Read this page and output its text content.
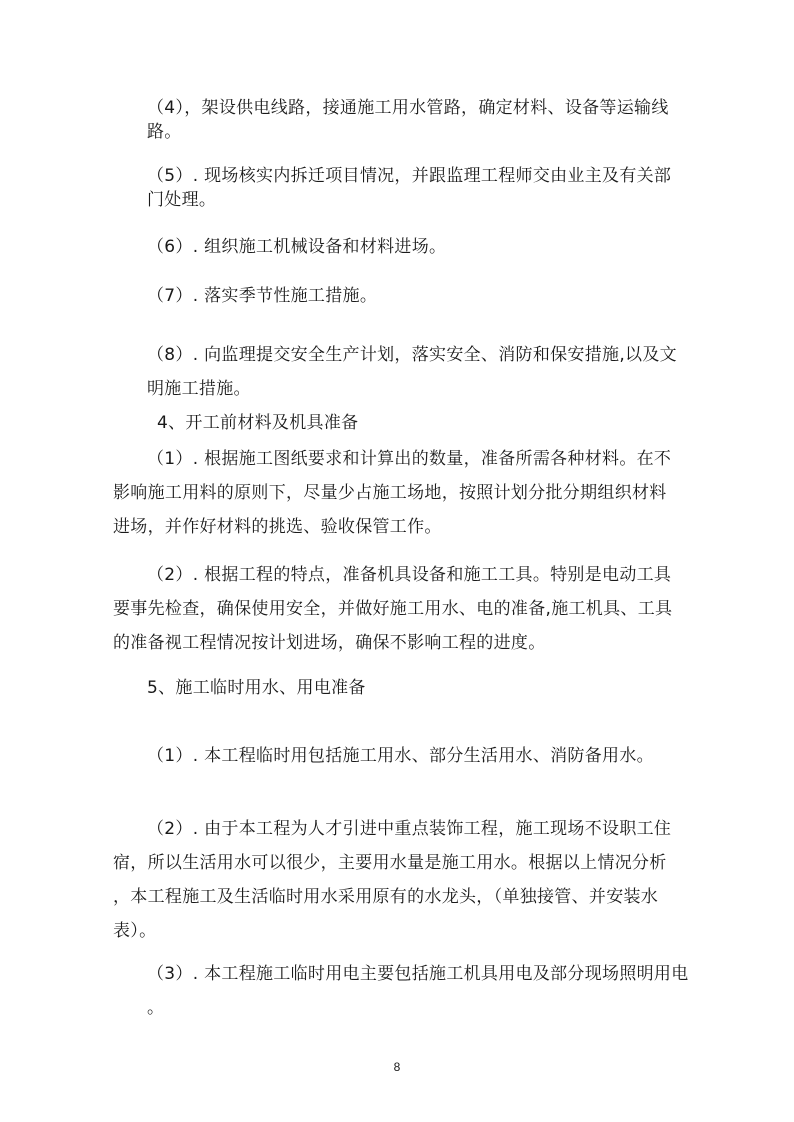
（4），架设供电线路，接通施工用水管路，确定材料、设备等运输线
路。
（5）. 现场核实内拆迁项目情况，并跟监理工程师交由业主及有关部
门处理。
（6）. 组织施工机械设备和材料进场。
（7）. 落实季节性施工措施。
（8）. 向监理提交安全生产计划，落实安全、消防和保安措施,以及文
明施工措施。
4、开工前材料及机具准备
（1）. 根据施工图纸要求和计算出的数量，准备所需各种材料。在不
影响施工用料的原则下，尽量少占施工场地，按照计划分批分期组织材料
进场，并作好材料的挑选、验收保管工作。
（2）. 根据工程的特点，准备机具设备和施工工具。特别是电动工具
要事先检查，确保使用安全，并做好施工用水、电的准备,施工机具、工具
的准备视工程情况按计划进场，确保不影响工程的进度。
5、施工临时用水、用电准备
（1）. 本工程临时用包括施工用水、部分生活用水、消防备用水。
（2）. 由于本工程为人才引进中重点装饰工程，施工现场不设职工住
宿，所以生活用水可以很少，主要用水量是施工用水。根据以上情况分析
，本工程施工及生活临时用水采用原有的水龙头，（单独接管、并安装水
表）。
（3）. 本工程施工临时用电主要包括施工机具用电及部分现场照明用电
。
8
